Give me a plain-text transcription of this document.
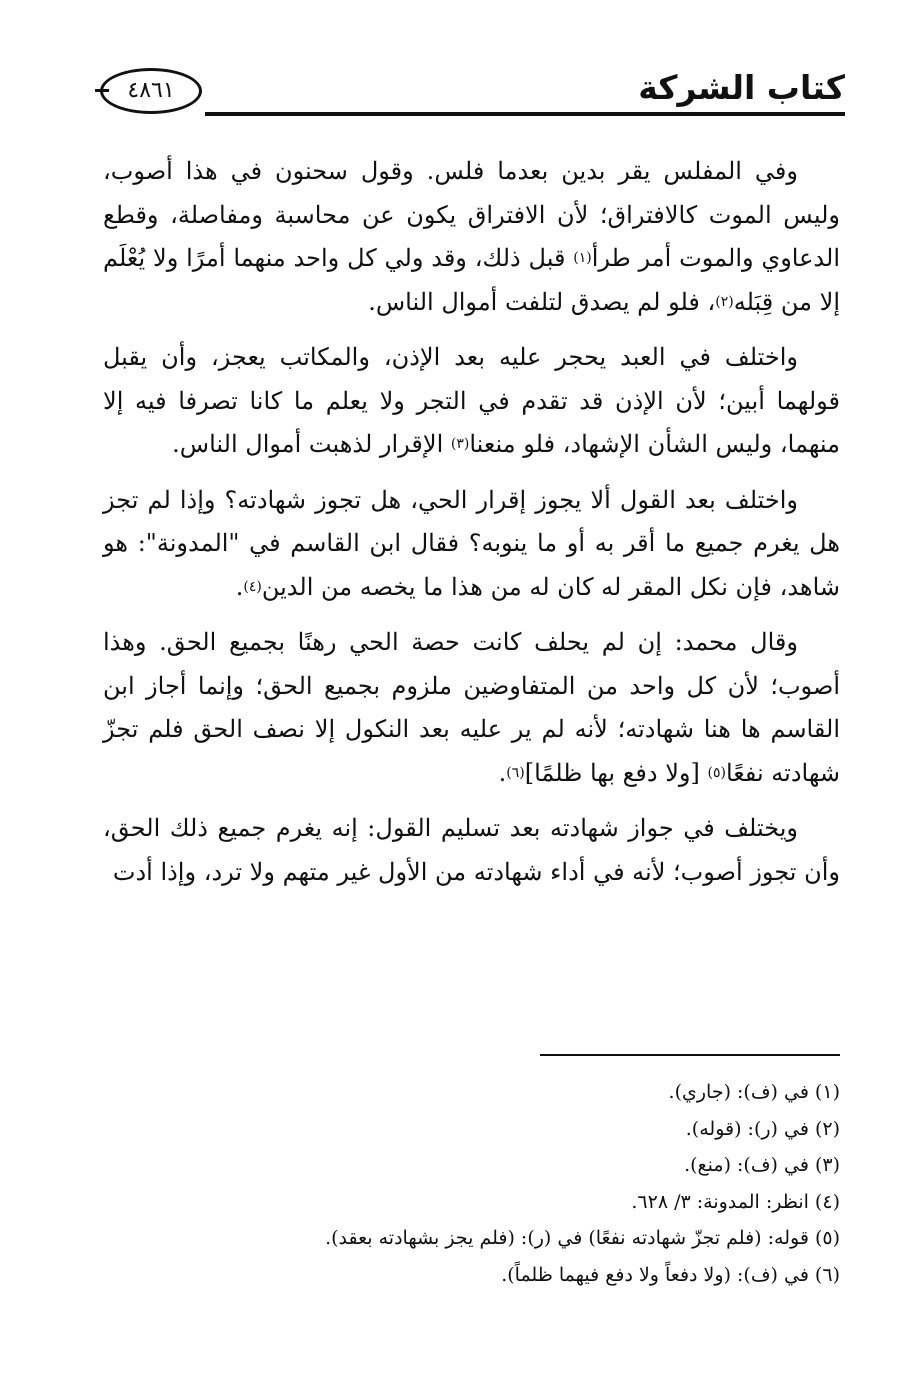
كتاب الشركة
٤٨٦١

وفي المفلس يقر بدين بعدما فلس. وقول سحنون في هذا أصوب، وليس الموت كالافتراق؛ لأن الافتراق يكون عن محاسبة ومفاصلة، وقطع الدعاوي والموت أمر طرأ$^{(١)}$ قبل ذلك، وقد ولي كل واحد منهما أمرًا ولا يُعْلَم إلا من قِبَله$^{(٢)}$، فلو لم يصدق لتلفت أموال الناس.

واختلف في العبد يحجر عليه بعد الإذن، والمكاتب يعجز، وأن يقبل قولهما أبين؛ لأن الإذن قد تقدم في التجر ولا يعلم ما كانا تصرفا فيه إلا منهما، وليس الشأن الإشهاد، فلو منعنا$^{(٣)}$ الإقرار لذهبت أموال الناس.

واختلف بعد القول ألا يجوز إقرار الحي، هل تجوز شهادته؟ وإذا لم تجز هل يغرم جميع ما أقر به أو ما ينوبه؟ فقال ابن القاسم في "المدونة": هو شاهد، فإن نكل المقر له كان له من هذا ما يخصه من الدين$^{(٤)}$.

وقال محمد: إن لم يحلف كانت حصة الحي رهنًا بجميع الحق. وهذا أصوب؛ لأن كل واحد من المتفاوضين ملزوم بجميع الحق؛ وإنما أجاز ابن القاسم ها هنا شهادته؛ لأنه لم ير عليه بعد النكول إلا نصف الحق فلم تجزّ شهادته نفعًا$^{(٥)}$ [ولا دفع بها ظلمًا]$^{(٦)}$.

ويختلف في جواز شهادته بعد تسليم القول: إنه يغرم جميع ذلك الحق، وأن تجوز أصوب؛ لأنه في أداء شهادته من الأول غير متهم ولا ترد، وإذا أدت

(١) في (ف): (جاري).
(٢) في (ر): (قوله).
(٣) في (ف): (منع).
(٤) انظر: المدونة: ٣/ ٦٢٨.
(٥) قوله: (فلم تجزّ شهادته نفعًا) في (ر): (فلم يجز بشهادته بعقد).
(٦) في (ف): (ولا دفعاً ولا دفع فيهما ظلماً).
